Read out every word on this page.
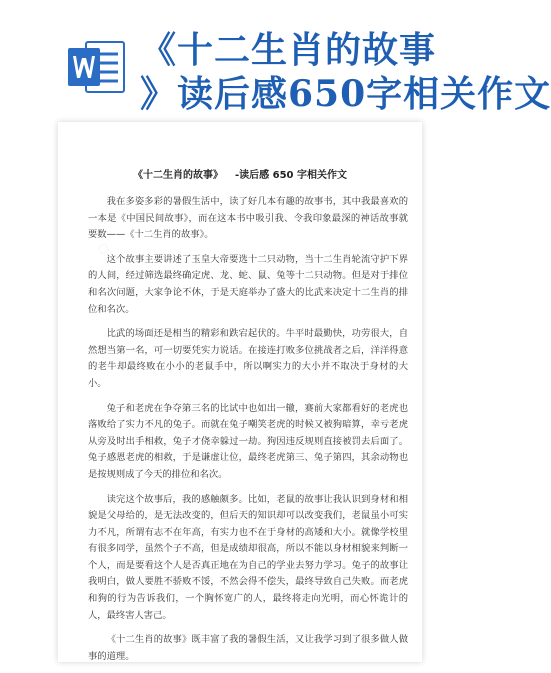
《十二生肖的故事
》读后感650字相关作文
▢
《十二生肖的故事》 -读后感 650 字相关作文

我在多姿多彩的暑假生活中，读了好几本有趣的故事书，其中我最喜欢的一本是《中国民间故事》，而在这本书中吸引我、令我印象最深的神话故事就要数——《十二生肖的故事》。

这个故事主要讲述了玉皇大帝要选十二只动物，当十二生肖轮流守护下界的人间，经过筛选最终确定虎、龙、蛇、鼠、兔等十二只动物。但是对于排位和名次问题，大家争论不休，于是天庭举办了盛大的比武来决定十二生肖的排位和名次。

比武的场面还是相当的精彩和跌宕起伏的。牛平时最勤快，功劳很大，自然想当第一名，可一切要凭实力说话。在接连打败多位挑战者之后，洋洋得意的老牛却最终败在小小的老鼠手中，所以啊实力的大小并不取决于身材的大小。

兔子和老虎在争夺第三名的比试中也如出一辙，赛前大家都看好的老虎也落败给了实力不凡的兔子。而就在兔子嘲笑老虎的时候又被狗暗算，幸亏老虎从旁及时出手相救，兔子才侥幸躲过一劫。狗因违反规则直接被罚去后面了。兔子感恩老虎的相救，于是谦虚让位，最终老虎第三、兔子第四，其余动物也是按规则成了今天的排位和名次。

读完这个故事后，我的感触颇多。比如，老鼠的故事让我认识到身材和相貌是父母给的，是无法改变的，但后天的知识却可以改变我们，老鼠虽小可实力不凡，所谓有志不在年高，有实力也不在于身材的高矮和大小。就像学校里有很多同学，虽然个子不高，但是成绩却很高，所以不能以身材相貌来判断一个人，而是要看这个人是否真正地在为自己的学业去努力学习。兔子的故事让我明白，做人要胜不骄败不馁，不然会得不偿失，最终导致自己失败。而老虎和狗的行为告诉我们，一个胸怀宽广的人，最终将走向光明，而心怀诡计的人，最终害人害己。

《十二生肖的故事》既丰富了我的暑假生活，又让我学习到了很多做人做事的道理。
